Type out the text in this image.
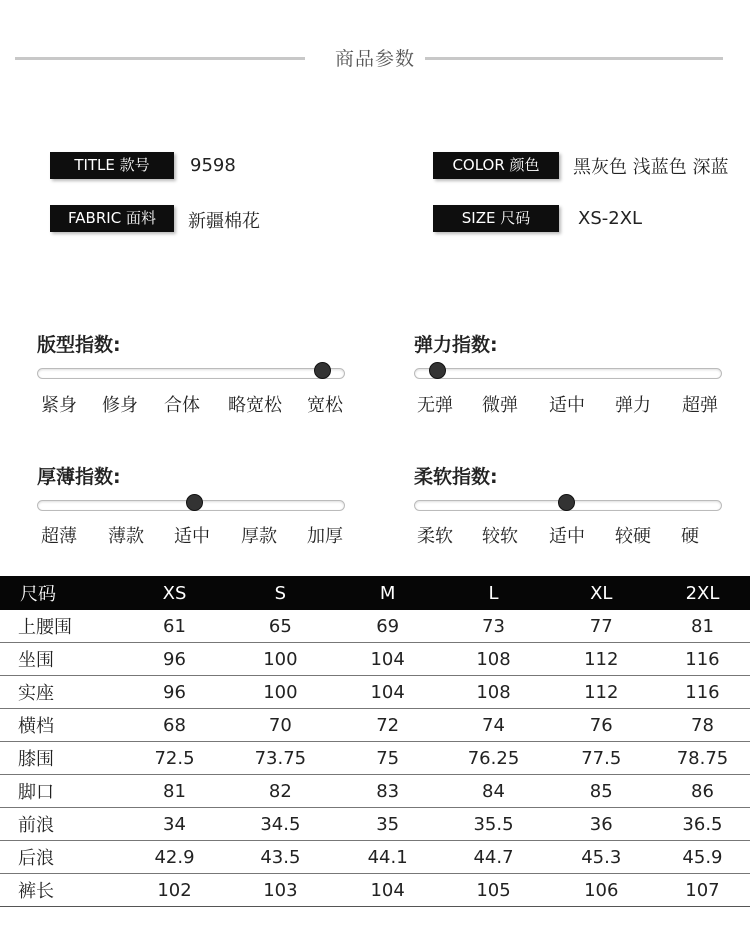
商品参数
TITLE 款号	9598
FABRIC 面料	新疆棉花
COLOR 颜色	黑灰色 浅蓝色 深蓝
SIZE 尺码	XS-2XL
版型指数:
紧身	修身	合体	略宽松	宽松
弹力指数:
无弹	微弹	适中	弹力	超弹
厚薄指数:
超薄	薄款	适中	厚款	加厚
柔软指数:
柔软	较软	适中	较硬	硬
尺码	XS	S	M	L	XL	2XL
上腰围	61	65	69	73	77	81
坐围	96	100	104	108	112	116
实座	96	100	104	108	112	116
横档	68	70	72	74	76	78
膝围	72.5	73.75	75	76.25	77.5	78.75
脚口	81	82	83	84	85	86
前浪	34	34.5	35	35.5	36	36.5
后浪	42.9	43.5	44.1	44.7	45.3	45.9
裤长	102	103	104	105	106	107
